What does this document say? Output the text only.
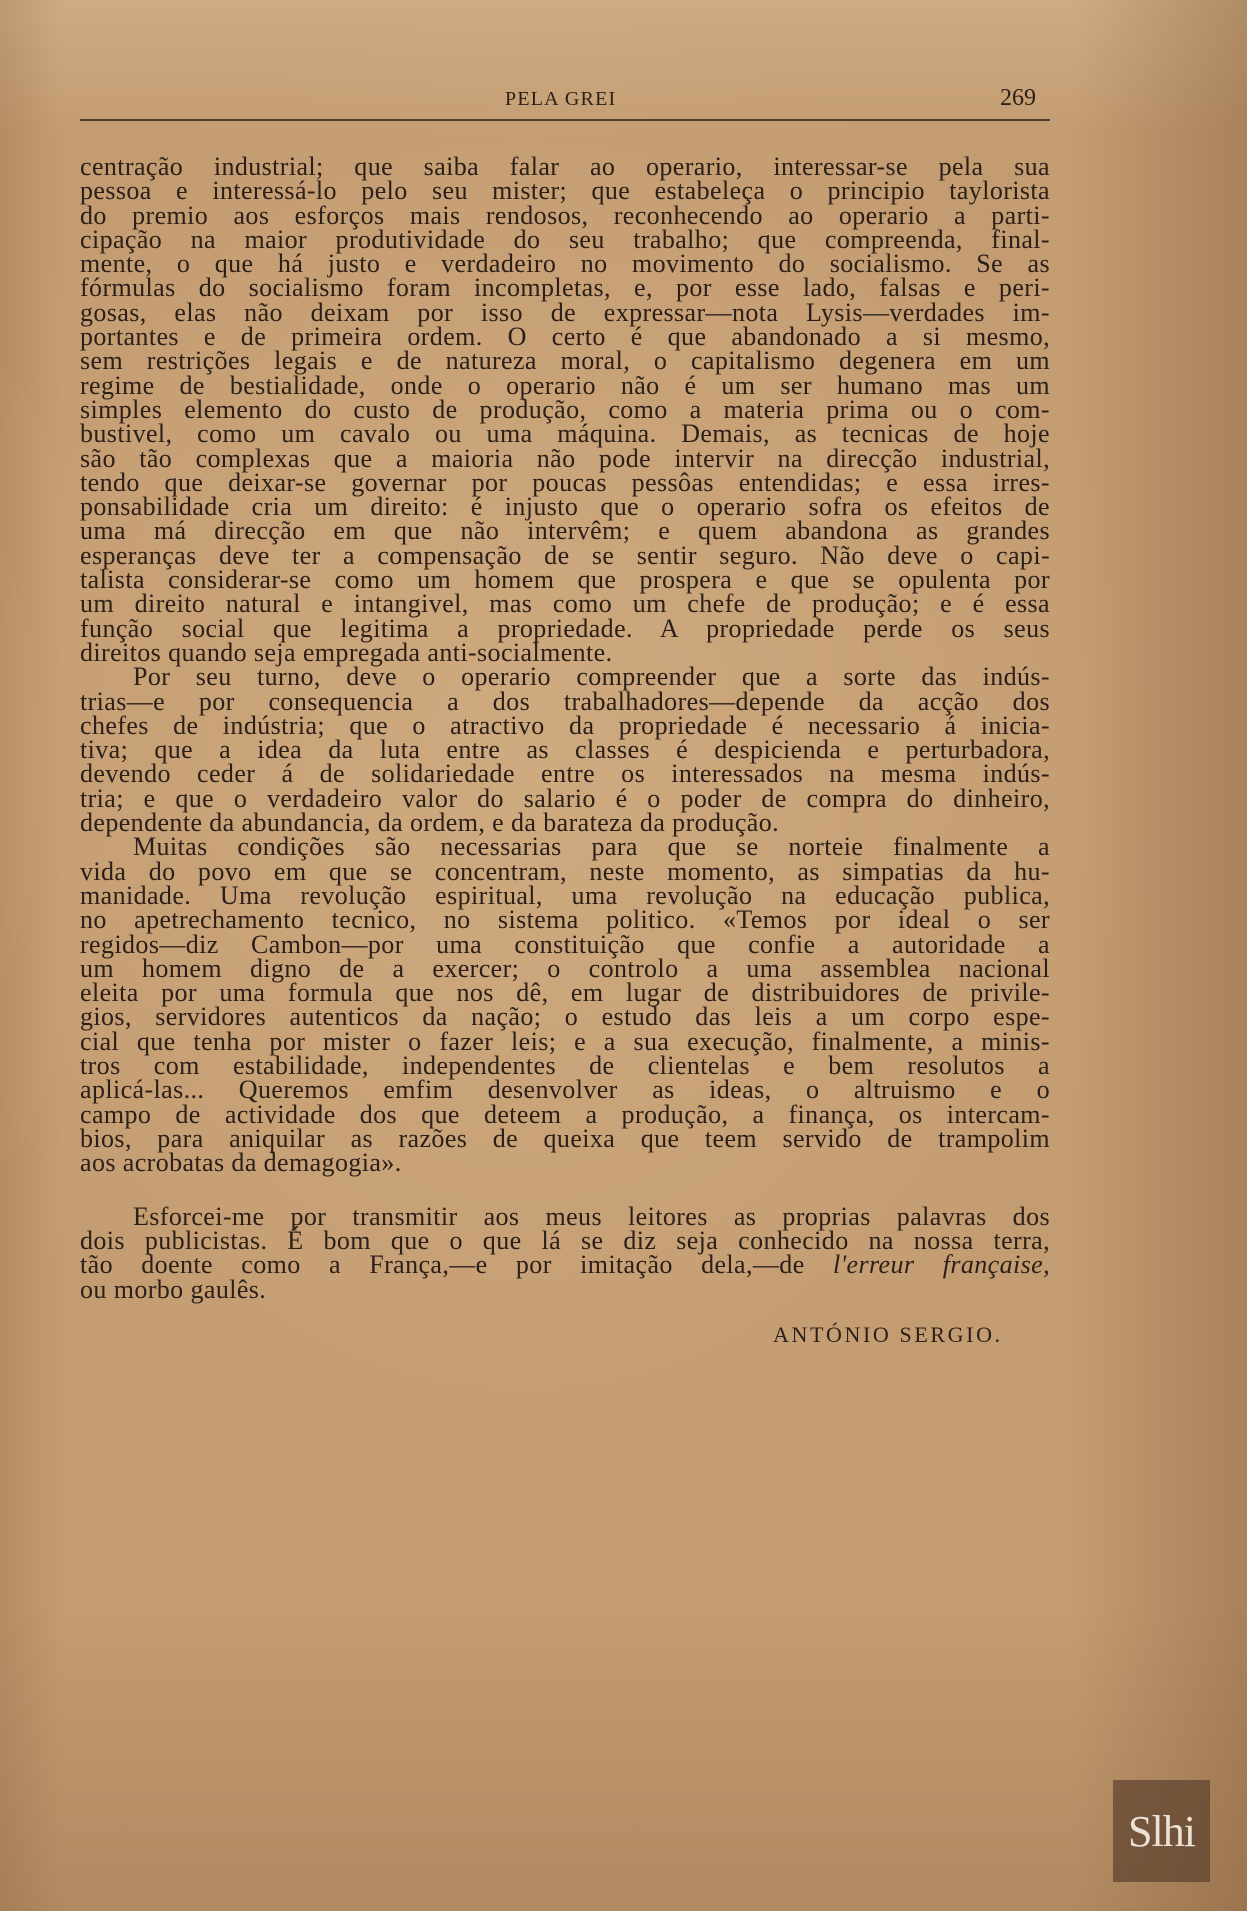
PELA GREI	269
centração industrial; que saiba falar ao operario, interessar-se pela sua
pessoa e interessá-lo pelo seu mister; que estabeleça o principio taylorista
do premio aos esforços mais rendosos, reconhecendo ao operario a parti-
cipação na maior produtividade do seu trabalho; que compreenda, final-
mente, o que há justo e verdadeiro no movimento do socialismo. Se as
fórmulas do socialismo foram incompletas, e, por esse lado, falsas e peri-
gosas, elas não deixam por isso de expressar—nota Lysis—verdades im-
portantes e de primeira ordem. O certo é que abandonado a si mesmo,
sem restrições legais e de natureza moral, o capitalismo degenera em um
regime de bestialidade, onde o operario não é um ser humano mas um
simples elemento do custo de produção, como a materia prima ou o com-
bustivel, como um cavalo ou uma máquina. Demais, as tecnicas de hoje
são tão complexas que a maioria não pode intervir na direcção industrial,
tendo que deixar-se governar por poucas pessôas entendidas; e essa irres-
ponsabilidade cria um direito: é injusto que o operario sofra os efeitos de
uma má direcção em que não intervêm; e quem abandona as grandes
esperanças deve ter a compensação de se sentir seguro. Não deve o capi-
talista considerar-se como um homem que prospera e que se opulenta por
um direito natural e intangivel, mas como um chefe de produção; e é essa
função social que legitima a propriedade. A propriedade perde os seus
direitos quando seja empregada anti-socialmente.
Por seu turno, deve o operario compreender que a sorte das indús-
trias—e por consequencia a dos trabalhadores—depende da acção dos
chefes de indústria; que o atractivo da propriedade é necessario á inicia-
tiva; que a idea da luta entre as classes é despicienda e perturbadora,
devendo ceder á de solidariedade entre os interessados na mesma indús-
tria; e que o verdadeiro valor do salario é o poder de compra do dinheiro,
dependente da abundancia, da ordem, e da barateza da produção.
Muitas condições são necessarias para que se norteie finalmente a
vida do povo em que se concentram, neste momento, as simpatias da hu-
manidade. Uma revolução espiritual, uma revolução na educação publica,
no apetrechamento tecnico, no sistema politico. «Temos por ideal o ser
regidos—diz Cambon—por uma constituição que confie a autoridade a
um homem digno de a exercer; o controlo a uma assemblea nacional
eleita por uma formula que nos dê, em lugar de distribuidores de privile-
gios, servidores autenticos da nação; o estudo das leis a um corpo espe-
cial que tenha por mister o fazer leis; e a sua execução, finalmente, a minis-
tros com estabilidade, independentes de clientelas e bem resolutos a
aplicá-las... Queremos emfim desenvolver as ideas, o altruismo e o
campo de actividade dos que deteem a produção, a finança, os intercam-
bios, para aniquilar as razões de queixa que teem servido de trampolim
aos acrobatas da demagogia».
Esforcei-me por transmitir aos meus leitores as proprias palavras dos
dois publicistas. É bom que o que lá se diz seja conhecido na nossa terra,
tão doente como a França,—e por imitação dela,—de l'erreur française,
ou morbo gaulês.
ANTÓNIO SERGIO.
Slhi
